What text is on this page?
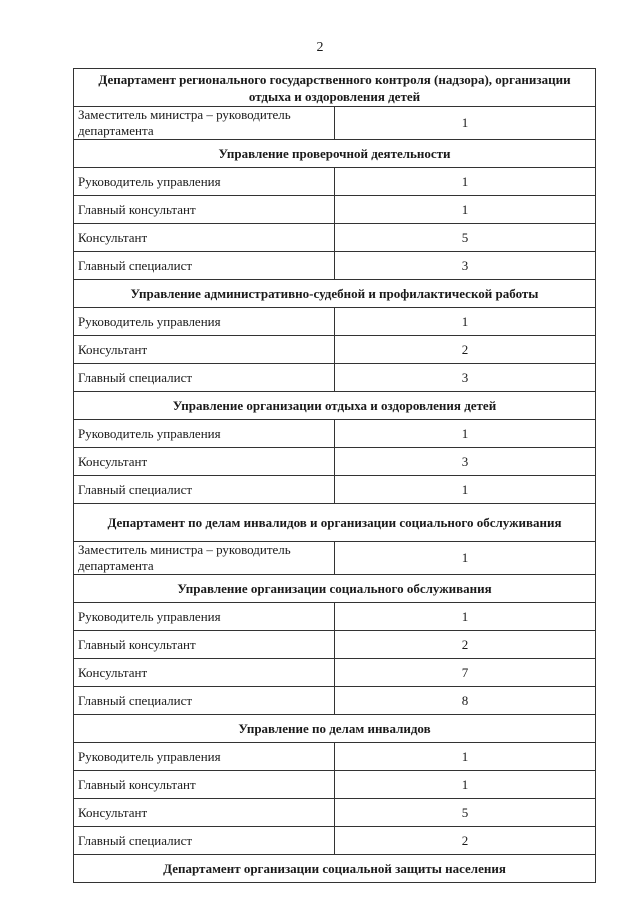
2
Департамент регионального государственного контроля (надзора), организации отдыха и оздоровления детей	
Заместитель министра – руководитель департамента	1
Управление проверочной деятельности	
Руководитель управления	1
Главный консультант	1
Консультант	5
Главный специалист	3
Управление административно-судебной и профилактической работы	
Руководитель управления	1
Консультант	2
Главный специалист	3
Управление организации отдыха и оздоровления детей	
Руководитель управления	1
Консультант	3
Главный специалист	1
Департамент по делам инвалидов и организации социального обслуживания	
Заместитель министра – руководитель департамента	1
Управление организации социального обслуживания	
Руководитель управления	1
Главный консультант	2
Консультант	7
Главный специалист	8
Управление по делам инвалидов	
Руководитель управления	1
Главный консультант	1
Консультант	5
Главный специалист	2
Департамент организации социальной защиты населения	
